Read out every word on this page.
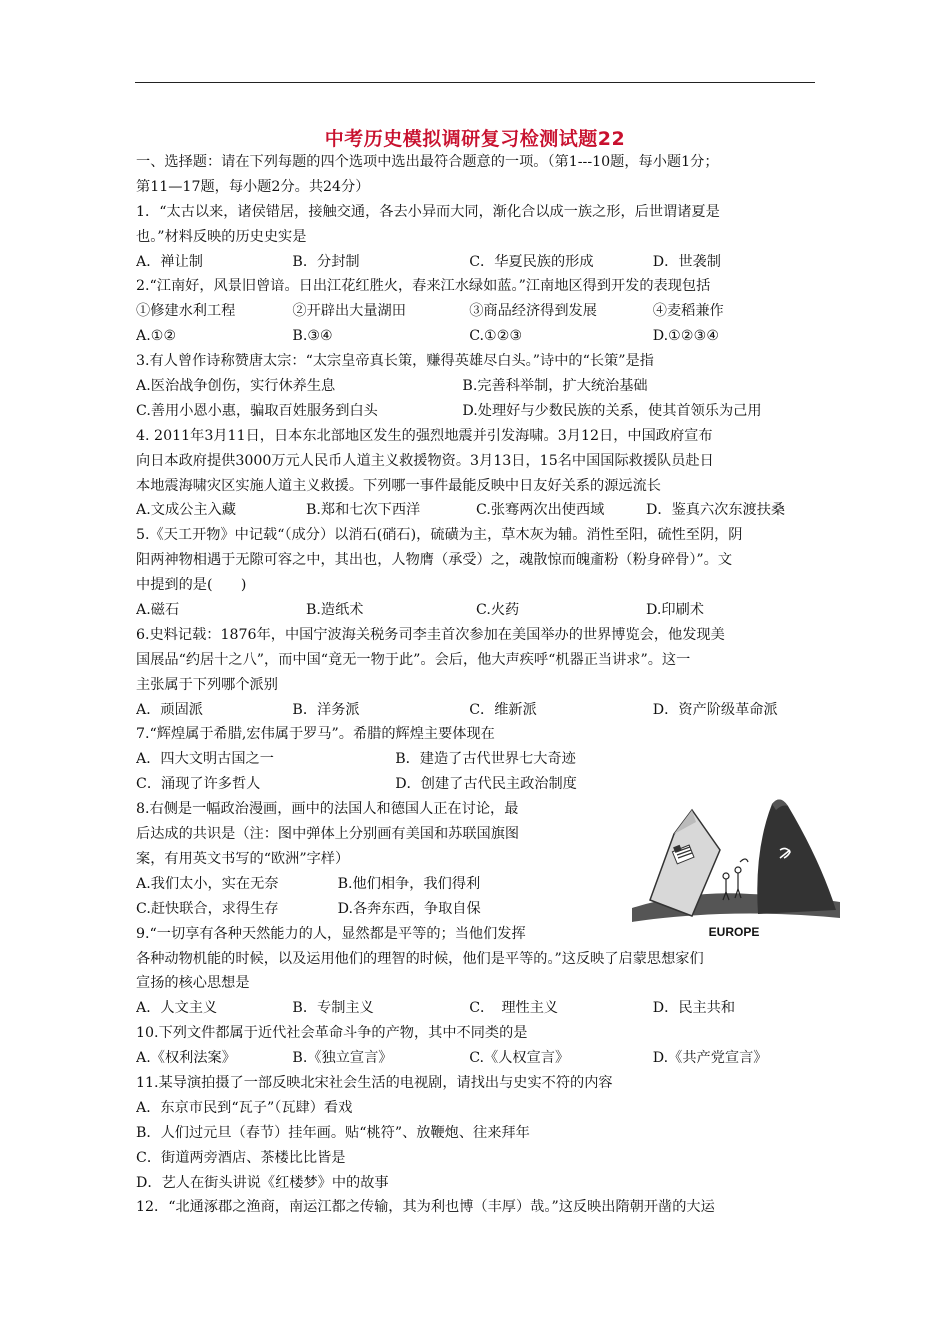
中考历史模拟调研复习检测试题22
一、选择题：请在下列每题的四个选项中选出最符合题意的一项。（第1---10题，每小题1分；
第11—17题，每小题2分。共24分）
1．“太古以来，诸侯错居，接触交通，各去小异而大同，渐化合以成一族之形，后世谓诸夏是
也。”材料反映的历史史实是
A．禅让制	B．分封制	C．华夏民族的形成	D．世袭制
2.“江南好，风景旧曾谙。日出江花红胜火，春来江水绿如蓝。”江南地区得到开发的表现包括
①修建水利工程	②开辟出大量湖田	③商品经济得到发展	④麦稻兼作
A.①②	B.③④	C.①②③	D.①②③④
3.有人曾作诗称赞唐太宗：“太宗皇帝真长策，赚得英雄尽白头。”诗中的“长策”是指
A.医治战争创伤，实行休养生息	B.完善科举制，扩大统治基础
C.善用小恩小惠，骗取百姓服务到白头	D.处理好与少数民族的关系，使其首领乐为己用
4. 2011年3月11日，日本东北部地区发生的强烈地震并引发海啸。3月12日，中国政府宣布
向日本政府提供3000万元人民币人道主义救援物资。3月13日，15名中国国际救援队员赴日
本地震海啸灾区实施人道主义救援。下列哪一事件最能反映中日友好关系的源远流长
A.文成公主入藏	B.郑和七次下西洋	C.张骞两次出使西域	D．鉴真六次东渡扶桑
5.《天工开物》中记载“（成分）以消石(硝石)，硫磺为主，草木灰为辅。消性至阳，硫性至阴，阴
阳两神物相遇于无隙可容之中，其出也，人物膺（承受）之，魂散惊而魄齑粉（粉身碎骨）”。文
中提到的是(　　)
A.磁石	B.造纸术	C.火药	D.印刷术
6.史料记载：1876年，中国宁波海关税务司李圭首次参加在美国举办的世界博览会，他发现美
国展品“约居十之八”，而中国“竟无一物于此”。会后，他大声疾呼“机器正当讲求”。这一
主张属于下列哪个派别
A．顽固派	B．洋务派	C．维新派	D．资产阶级革命派
7.“辉煌属于希腊,宏伟属于罗马”。希腊的辉煌主要体现在
A．四大文明古国之一	B．建造了古代世界七大奇迹
C．涌现了许多哲人	D．创建了古代民主政治制度
8.右侧是一幅政治漫画，画中的法国人和德国人正在讨论，最
后达成的共识是（注：图中弹体上分别画有美国和苏联国旗图
案，有用英文书写的“欧洲”字样）
A.我们太小，实在无奈	B.他们相争，我们得利
C.赶快联合，求得生存	D.各奔东西，争取自保
9.“一切享有各种天然能力的人，显然都是平等的；当他们发挥
各种动物机能的时候，以及运用他们的理智的时候，他们是平等的。”这反映了启蒙思想家们
宣扬的核心思想是
A．人文主义	B．专制主义	C．　理性主义	D．民主共和
10.下列文件都属于近代社会革命斗争的产物，其中不同类的是
A.《权利法案》	B.《独立宣言》	C.《人权宣言》	D.《共产党宣言》
11.某导演拍摄了一部反映北宋社会生活的电视剧，请找出与史实不符的内容
A．东京市民到“瓦子”（瓦肆）看戏
B．人们过元旦（春节）挂年画。贴“桃符”、放鞭炮、往来拜年
C．街道两旁酒店、茶楼比比皆是
D．艺人在街头讲说《红楼梦》中的故事
12．“北通涿郡之渔商，南运江都之传输，其为利也博（丰厚）哉。”这反映出隋朝开凿的大运
EUROPE
